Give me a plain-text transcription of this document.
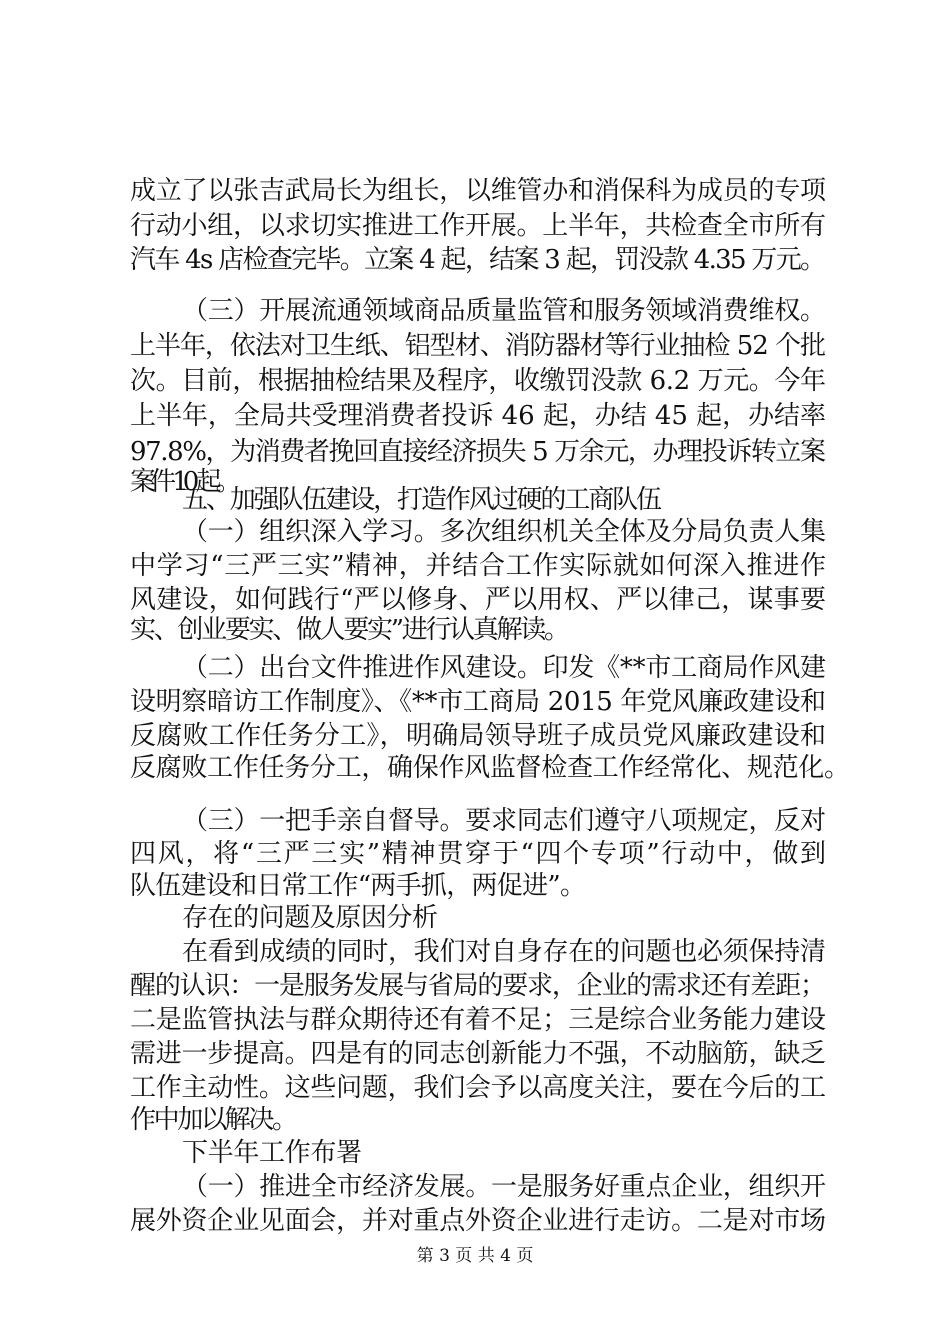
成立了以张吉武局长为组长，以维管办和消保科为成员的专项
行动小组，以求切实推进工作开展。上半年，共检查全市所有
汽车 4s 店检查完毕。立案 4 起，结案 3 起，罚没款 4.35 万元。
（三）开展流通领域商品质量监管和服务领域消费维权。
上半年，依法对卫生纸、铝型材、消防器材等行业抽检 52 个批
次。目前，根据抽检结果及程序，收缴罚没款 6.2 万元。今年
上半年，全局共受理消费者投诉 46 起，办结 45 起，办结率
97.8%，为消费者挽回直接经济损失 5 万余元，办理投诉转立案
案件 10 起。
五、加强队伍建设，打造作风过硬的工商队伍
（一）组织深入学习。多次组织机关全体及分局负责人集
中学习“三严三实”精神，并结合工作实际就如何深入推进作
风建设，如何践行“严以修身、严以用权、严以律己，谋事要
实、创业要实、做人要实”进行认真解读。
（二）出台文件推进作风建设。印发《**市工商局作风建
设明察暗访工作制度》、《**市工商局 2015 年党风廉政建设和
反腐败工作任务分工》，明确局领导班子成员党风廉政建设和
反腐败工作任务分工，确保作风监督检查工作经常化、规范化。
（三）一把手亲自督导。要求同志们遵守八项规定，反对
四风，将“三严三实”精神贯穿于“四个专项”行动中，做到
队伍建设和日常工作“两手抓，两促进”。
存在的问题及原因分析
在看到成绩的同时，我们对自身存在的问题也必须保持清
醒的认识：一是服务发展与省局的要求，企业的需求还有差距；
二是监管执法与群众期待还有着不足；三是综合业务能力建设
需进一步提高。四是有的同志创新能力不强，不动脑筋，缺乏
工作主动性。这些问题，我们会予以高度关注，要在今后的工
作中加以解决。
下半年工作布署
（一）推进全市经济发展。一是服务好重点企业，组织开
展外资企业见面会，并对重点外资企业进行走访。二是对市场
第 3 页 共 4 页
